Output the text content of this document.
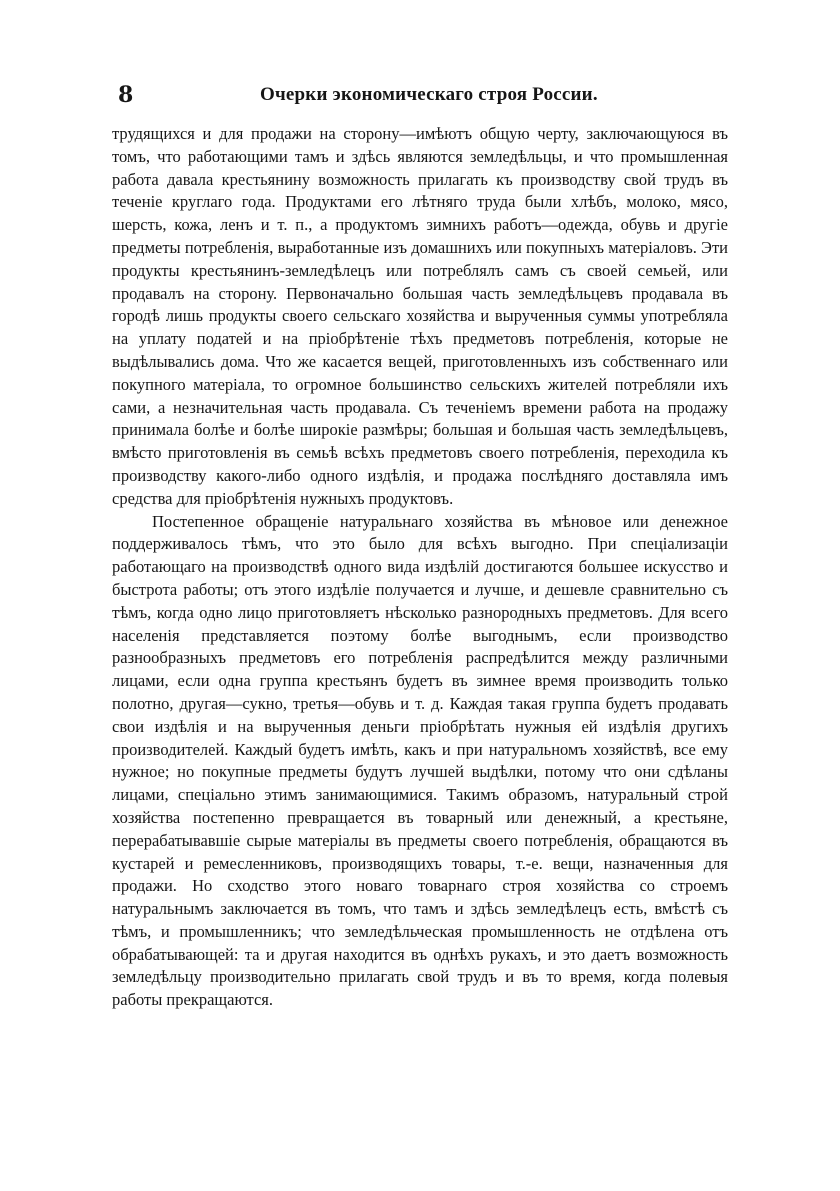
8	Очерки экономическаго строя России.

трудящихся и для продажи на сторону—имѣютъ общую черту, заключающуюся въ томъ, что работающими тамъ и здѣсь являются земледѣльцы, и что промышленная работа давала крестьянину возможность прилагать къ производству свой трудъ въ теченіе круглаго года. Продуктами его лѣтняго труда были хлѣбъ, молоко, мясо, шерсть, кожа, ленъ и т. п., а продуктомъ зимнихъ работъ—одежда, обувь и другіе предметы потребленія, выработанные изъ домашнихъ или покупныхъ матеріаловъ. Эти продукты крестьянинъ-земледѣлецъ или потреблялъ самъ съ своей семьей, или продавалъ на сторону. Первоначально большая часть земледѣльцевъ продавала въ городѣ лишь продукты своего сельскаго хозяйства и вырученныя суммы употребляла на уплату податей и на пріобрѣтеніе тѣхъ предметовъ потребленія, которые не выдѣлывались дома. Что же касается вещей, приготовленныхъ изъ собственнаго или покупного матеріала, то огромное большинство сельскихъ жителей потребляли ихъ сами, а незначительная часть продавала. Съ теченіемъ времени работа на продажу принимала болѣе и болѣе широкіе размѣры; большая и большая часть земледѣльцевъ, вмѣсто приготовленія въ семьѣ всѣхъ предметовъ своего потребленія, переходила къ производству какого-либо одного издѣлія, и продажа послѣдняго доставляла имъ средства для пріобрѣтенія нужныхъ продуктовъ.

Постепенное обращеніе натуральнаго хозяйства въ мѣновое или денежное поддерживалось тѣмъ, что это было для всѣхъ выгодно. При спеціализаціи работающаго на производствѣ одного вида издѣлій достигаются большее искусство и быстрота работы; отъ этого издѣліе получается и лучше, и дешевле сравнительно съ тѣмъ, когда одно лицо приготовляетъ нѣсколько разнородныхъ предметовъ. Для всего населенія представляется поэтому болѣе выгоднымъ, если производство разнообразныхъ предметовъ его потребленія распредѣлится между различными лицами, если одна группа крестьянъ будетъ въ зимнее время производить только полотно, другая—сукно, третья—обувь и т. д. Каждая такая группа будетъ продавать свои издѣлія и на вырученныя деньги пріобрѣтать нужныя ей издѣлія другихъ производителей. Каждый будетъ имѣть, какъ и при натуральномъ хозяйствѣ, все ему нужное; но покупные предметы будутъ лучшей выдѣлки, потому что они сдѣланы лицами, спеціально этимъ занимающимися. Такимъ образомъ, натуральный строй хозяйства постепенно превращается въ товарный или денежный, а крестьяне, перерабатывавшіе сырые матеріалы въ предметы своего потребленія, обращаются въ кустарей и ремесленниковъ, производящихъ товары, т.-е. вещи, назначенныя для продажи. Но сходство этого новаго товарнаго строя хозяйства со строемъ натуральнымъ заключается въ томъ, что тамъ и здѣсь земледѣлецъ есть, вмѣстѣ съ тѣмъ, и промышленникъ; что земледѣльческая промышленность не отдѣлена отъ обрабатывающей: та и другая находится въ однѣхъ рукахъ, и это даетъ возможность земледѣльцу производительно прилагать свой трудъ и въ то время, когда полевыя работы прекращаются.
